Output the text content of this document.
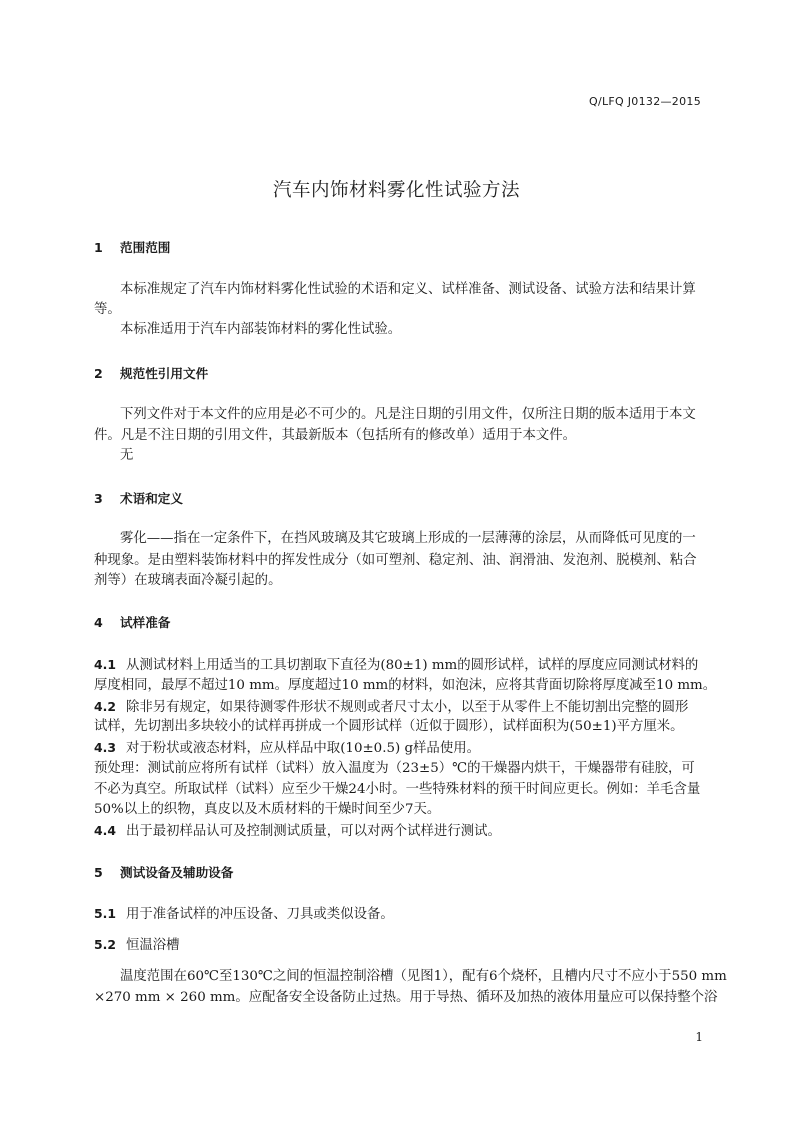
Q/LFQ J0132—2015
汽车内饰材料雾化性试验方法
1 范围范围
本标准规定了汽车内饰材料雾化性试验的术语和定义、试样准备、测试设备、试验方法和结果计算
等。
本标准适用于汽车内部装饰材料的雾化性试验。
2 规范性引用文件
下列文件对于本文件的应用是必不可少的。凡是注日期的引用文件，仅所注日期的版本适用于本文
件。凡是不注日期的引用文件，其最新版本（包括所有的修改单）适用于本文件。
无
3 术语和定义
雾化——指在一定条件下，在挡风玻璃及其它玻璃上形成的一层薄薄的涂层，从而降低可见度的一
种现象。是由塑料装饰材料中的挥发性成分（如可塑剂、稳定剂、油、润滑油、发泡剂、脱模剂、粘合
剂等）在玻璃表面冷凝引起的。
4 试样准备
4.1 从测试材料上用适当的工具切割取下直径为(80±1) mm的圆形试样，试样的厚度应同测试材料的
厚度相同，最厚不超过10 mm。厚度超过10 mm的材料，如泡沫，应将其背面切除将厚度减至10 mm。
4.2 除非另有规定，如果待测零件形状不规则或者尺寸太小，以至于从零件上不能切割出完整的圆形
试样，先切割出多块较小的试样再拼成一个圆形试样（近似于圆形），试样面积为(50±1)平方厘米。
4.3 对于粉状或液态材料，应从样品中取(10±0.5) g样品使用。
预处理：测试前应将所有试样（试料）放入温度为（23±5）℃的干燥器内烘干，干燥器带有硅胶，可
不必为真空。所取试样（试料）应至少干燥24小时。一些特殊材料的预干时间应更长。例如：羊毛含量
50%以上的织物，真皮以及木质材料的干燥时间至少7天。
4.4 出于最初样品认可及控制测试质量，可以对两个试样进行测试。
5 测试设备及辅助设备
5.1 用于准备试样的冲压设备、刀具或类似设备。
5.2 恒温浴槽
温度范围在60℃至130℃之间的恒温控制浴槽（见图1），配有6个烧杯，且槽内尺寸不应小于550 mm
×270 mm × 260 mm。应配备安全设备防止过热。用于导热、循环及加热的液体用量应可以保持整个浴
1
